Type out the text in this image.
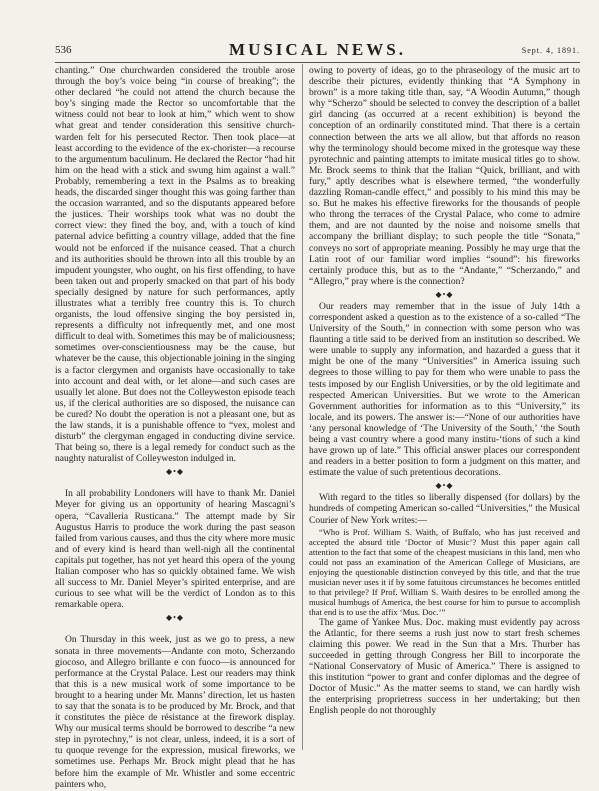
536	MUSICAL NEWS.	Sept. 4, 1891.

chanting.” One churchwarden considered the trouble arose through the boy’s voice being “in course of breaking”; the other declared “he could not attend the church because the boy’s singing made the Rector so uncomfortable that the witness could not bear to look at him,” which went to show what great and tender consideration this sensitive church-warden felt for his persecuted Rector. Then took place—at least according to the evidence of the ex-chorister—a recourse to the argumentum baculinum. He declared the Rector “had hit him on the head with a stick and swung him against a wall.” Probably, remembering a text in the Psalms as to breaking heads, the discarded singer thought this was going farther than the occasion warranted, and so the disputants appeared before the justices. Their worships took what was no doubt the correct view: they fined the boy, and, with a touch of kind paternal advice befitting a country village, added that the fine would not be enforced if the nuisance ceased. That a church and its authorities should be thrown into all this trouble by an impudent youngster, who ought, on his first offending, to have been taken out and properly smacked on that part of his body specially designed by nature for such performances, aptly illustrates what a terribly free country this is. To church organists, the loud offensive singing the boy persisted in, represents a difficulty not infrequently met, and one most difficult to deal with. Sometimes this may be of maliciousness; sometimes over-conscientiousness may be the cause, but whatever be the cause, this objectionable joining in the singing is a factor clergymen and organists have occasionally to take into account and deal with, or let alone—and such cases are usually let alone. But does not the Colleyweston episode teach us, if the clerical authorities are so disposed, the nuisance can be cured? No doubt the operation is not a pleasant one, but as the law stands, it is a punishable offence to “vex, molest and disturb” the clergyman engaged in conducting divine service. That being so, there is a legal remedy for conduct such as the naughty naturalist of Colleyweston indulged in.

◆•◆

In all probability Londoners will have to thank Mr. Daniel Meyer for giving us an opportunity of hearing Mascagni’s opera, “Cavalleria Rusticana.” The attempt made by Sir Augustus Harris to produce the work during the past season failed from various causes, and thus the city where more music and of every kind is heard than well-nigh all the continental capitals put together, has not yet heard this opera of the young Italian composer who has so quickly obtained fame. We wish all success to Mr. Daniel Meyer’s spirited enterprise, and are curious to see what will be the verdict of London as to this remarkable opera.

◆•◆

On Thursday in this week, just as we go to press, a new sonata in three movements—Andante con moto, Scherzando giocoso, and Allegro brillante e con fuoco—is announced for performance at the Crystal Palace. Lest our readers may think that this is a new musical work of some importance to be brought to a hearing under Mr. Manns’ direction, let us hasten to say that the sonata is to be produced by Mr. Brock, and that it constitutes the pièce de résistance at the firework display. Why our musical terms should be borrowed to describe “a new step in pyrotechny,” is not clear, unless, indeed, it is a sort of tu quoque revenge for the expression, musical fireworks, we sometimes use. Perhaps Mr. Brock might plead that he has before him the example of Mr. Whistler and some eccentric painters who,

owing to poverty of ideas, go to the phraseology of the music art to describe their pictures, evidently thinking that “A Symphony in brown” is a more taking title than, say, “A Woodin Autumn,” though why “Scherzo” should be selected to convey the description of a ballet girl dancing (as occurred at a recent exhibition) is beyond the conception of an ordinarily constituted mind. That there is a certain connection between the arts we all allow, but that affords no reason why the terminology should become mixed in the grotesque way these pyrotechnic and painting attempts to imitate musical titles go to show. Mr. Brock seems to think that the Italian “Quick, brilliant, and with fury,” aptly describes what is elsewhere termed, “the wonderfully dazzling Roman-candle effect,” and possibly to his mind this may be so. But he makes his effective fireworks for the thousands of people who throng the terraces of the Crystal Palace, who come to admire them, and are not daunted by the noise and noisome smells that accompany the brilliant display; to such people the title “Sonata,” conveys no sort of appropriate meaning. Possibly he may urge that the Latin root of our familiar word implies “sound”: his fireworks certainly produce this, but as to the “Andante,” “Scherzando,” and “Allegro,” pray where is the connection?

◆•◆

Our readers may remember that in the issue of July 14th a correspondent asked a question as to the existence of a so-called “The University of the South,” in connection with some person who was flaunting a title said to be derived from an institution so described. We were unable to supply any information, and hazarded a guess that it might be one of the many “Universities” in America issuing such degrees to those willing to pay for them who were unable to pass the tests imposed by our English Universities, or by the old legitimate and respected American Universities. But we wrote to the American Government authorities for information as to this “University,” its locale, and its powers. The answer is:—“None of our authorities have ‘any personal knowledge of ‘The University of the South,’ ‘the South being a vast country where a good many institu-‘tions of such a kind have grown up of late.” This official answer places our correspondent and readers in a better position to form a judgment on this matter, and estimate the value of such pretentious decorations.

◆•◆

With regard to the titles so liberally dispensed (for dollars) by the hundreds of competing American so-called “Universities,” the Musical Courier of New York writes:—

“Who is Prof. William S. Waith, of Buffalo, who has just received and accepted the absurd title ‘Doctor of Music’? Must this paper again call attention to the fact that some of the cheapest musicians in this land, men who could not pass an examination of the American College of Musicians, are enjoying the questionable distinction conveyed by this title, and that the true musician never uses it if by some fatuitous circumstances he becomes entitled to that privilege? If Prof. William S. Waith desires to be enrolled among the musical humbugs of America, the best course for him to pursue to accomplish that end is to use the affix ‘Mus. Doc.’”

The game of Yankee Mus. Doc. making must evidently pay across the Atlantic, for there seems a rush just now to start fresh schemes claiming this power. We read in the Sun that a Mrs. Thurber has succeeded in getting through Congress her Bill to incorporate the “National Conservatory of Music of America.” There is assigned to this institution “power to grant and confer diplomas and the degree of Doctor of Music.” As the matter seems to stand, we can hardly wish the enterprising proprietress success in her undertaking; but then English people do not thoroughly
